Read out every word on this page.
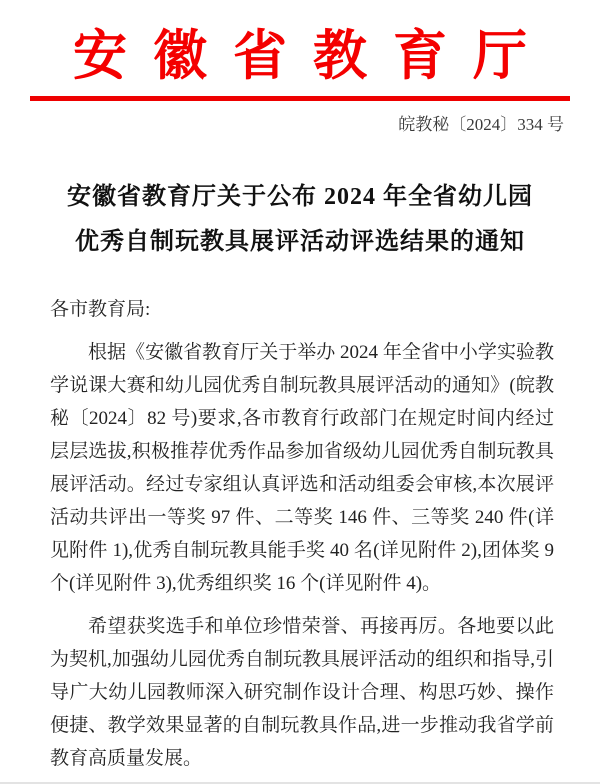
安徽省教育厅
皖教秘〔2024〕334 号
安徽省教育厅关于公布 2024 年全省幼儿园
优秀自制玩教具展评活动评选结果的通知
各市教育局:

根据《安徽省教育厅关于举办 2024 年全省中小学实验教学说课大赛和幼儿园优秀自制玩教具展评活动的通知》(皖教秘〔2024〕82 号)要求,各市教育行政部门在规定时间内经过层层选拔,积极推荐优秀作品参加省级幼儿园优秀自制玩教具展评活动。经过专家组认真评选和活动组委会审核,本次展评活动共评出一等奖 97 件、二等奖 146 件、三等奖 240 件(详见附件 1),优秀自制玩教具能手奖 40 名(详见附件 2),团体奖 9 个(详见附件 3),优秀组织奖 16 个(详见附件 4)。

希望获奖选手和单位珍惜荣誉、再接再厉。各地要以此为契机,加强幼儿园优秀自制玩教具展评活动的组织和指导,引导广大幼儿园教师深入研究制作设计合理、构思巧妙、操作便捷、教学效果显著的自制玩教具作品,进一步推动我省学前教育高质量发展。
